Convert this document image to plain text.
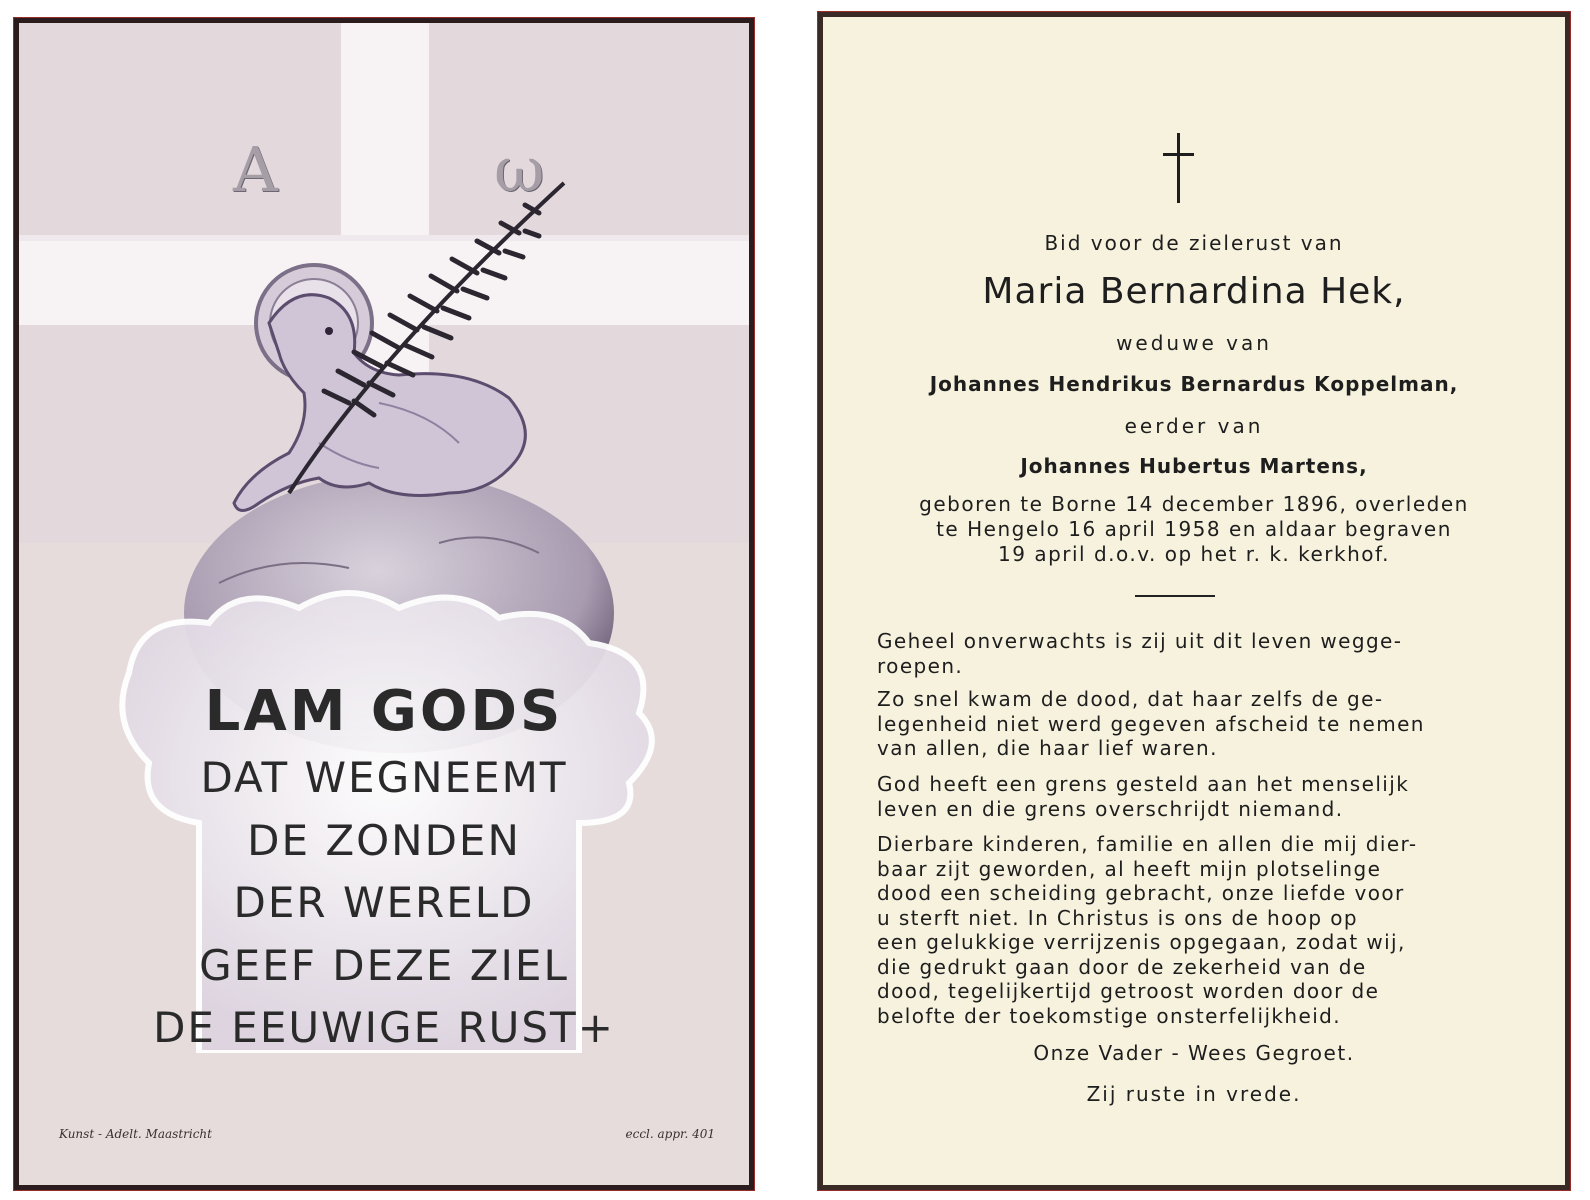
A	ω
LAM GODS
DAT WEGNEEMT
DE ZONDEN
DER WERELD
GEEF DEZE ZIEL
DE EEUWIGE RUST+
Kunst - Adelt. Maastricht	eccl. appr. 401
Bid voor de zielerust van
Maria Bernardina Hek,
weduwe van
Johannes Hendrikus Bernardus Koppelman,
eerder van
Johannes Hubertus Martens,
geboren te Borne 14 december 1896, overleden
te Hengelo 16 april 1958 en aldaar begraven
19 april d.o.v. op het r. k. kerkhof.
Geheel onverwachts is zij uit dit leven wegge-
roepen.
Zo snel kwam de dood, dat haar zelfs de ge-
legenheid niet werd gegeven afscheid te nemen
van allen, die haar lief waren.
God heeft een grens gesteld aan het menselijk
leven en die grens overschrijdt niemand.
Dierbare kinderen, familie en allen die mij dier-
baar zijt geworden, al heeft mijn plotselinge
dood een scheiding gebracht, onze liefde voor
u sterft niet. In Christus is ons de hoop op
een gelukkige verrijzenis opgegaan, zodat wij,
die gedrukt gaan door de zekerheid van de
dood, tegelijkertijd getroost worden door de
belofte der toekomstige onsterfelijkheid.
Onze Vader - Wees Gegroet.
Zij ruste in vrede.
